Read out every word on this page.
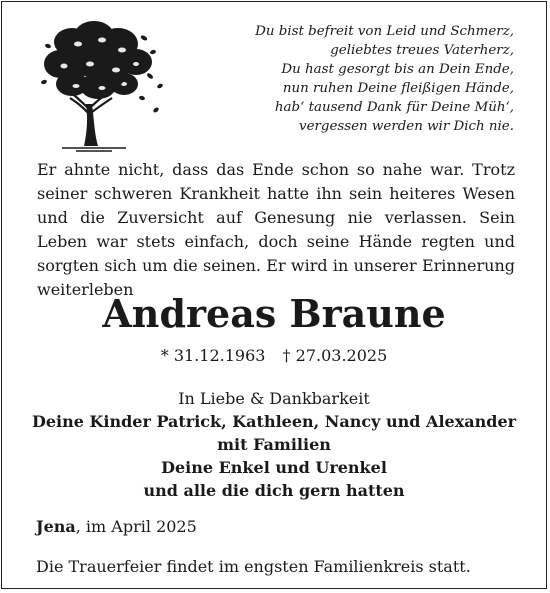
Du bist befreit von Leid und Schmerz,
geliebtes treues Vaterherz,
Du hast gesorgt bis an Dein Ende,
nun ruhen Deine fleißigen Hände,
hab‘ tausend Dank für Deine Müh‘,
vergessen werden wir Dich nie.

Er ahnte nicht, dass das Ende schon so nahe war. Trotz seiner schweren Krankheit hatte ihn sein heiteres Wesen und die Zuversicht auf Genesung nie verlassen. Sein Leben war stets einfach, doch seine Hände regten und sorgten sich um die seinen. Er wird in unserer Erinnerung weiterleben

Andreas Braune
* 31.12.1963 † 27.03.2025
In Liebe & Dankbarkeit
Deine Kinder Patrick, Kathleen, Nancy und Alexander
mit Familien
Deine Enkel und Urenkel
und alle die dich gern hatten
Jena, im April 2025
Die Trauerfeier findet im engsten Familienkreis statt.
